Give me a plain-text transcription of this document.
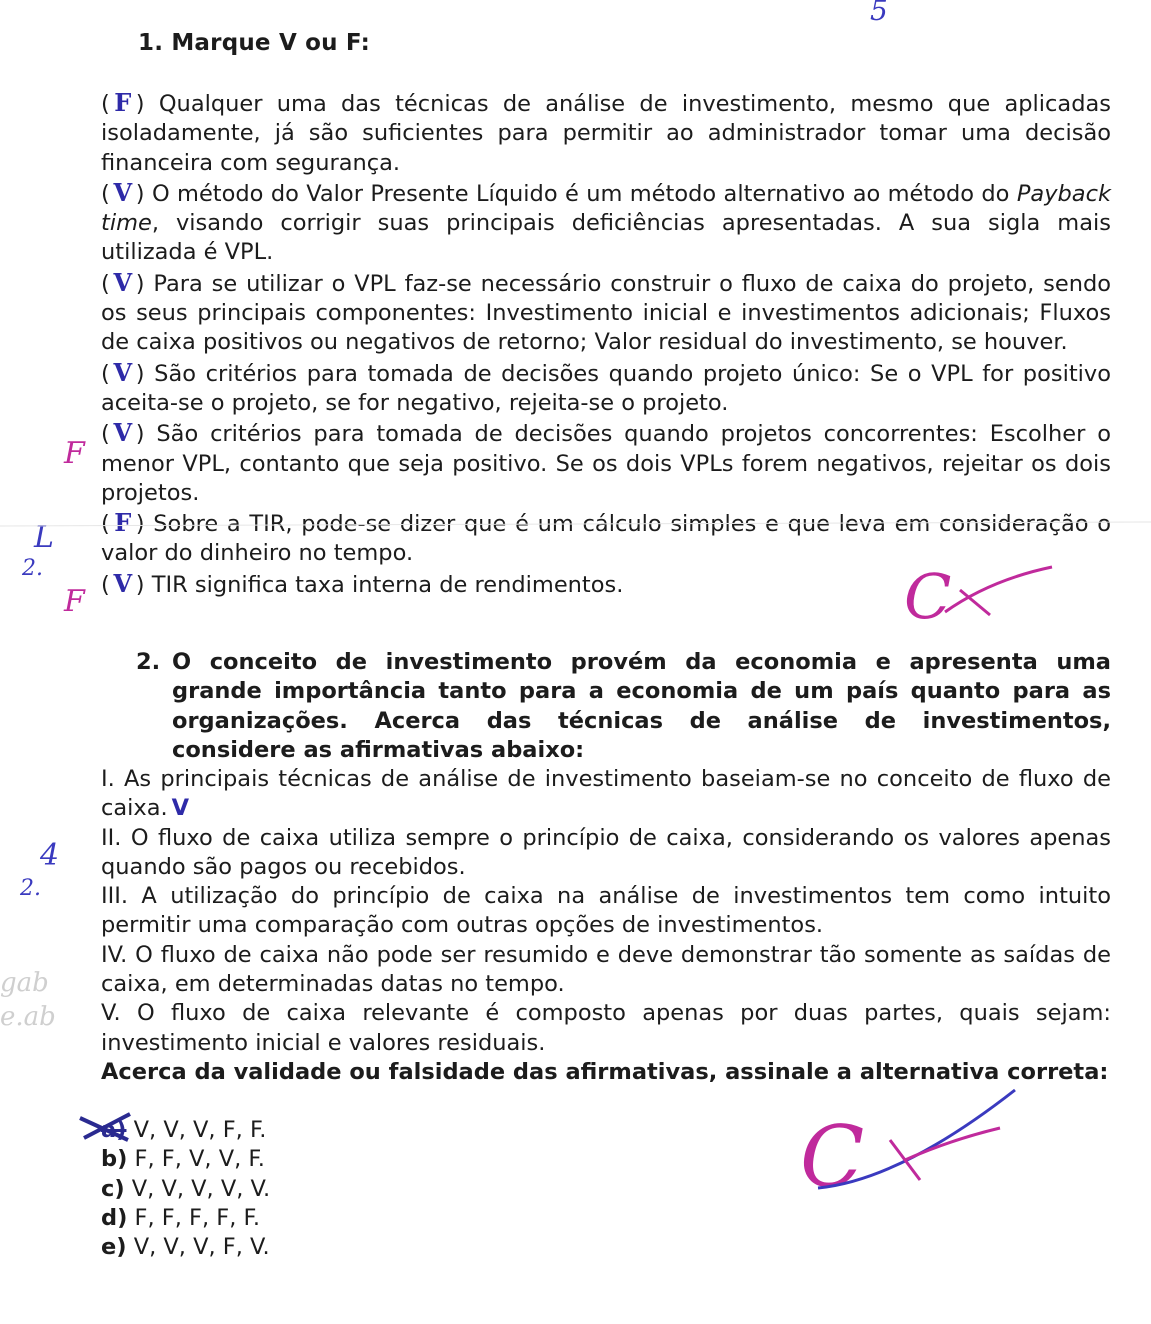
5
1. Marque V ou F:

( F ) Qualquer uma das técnicas de análise de investimento, mesmo que aplicadas isoladamente, já são suficientes para permitir ao administrador tomar uma decisão financeira com segurança.

( V ) O método do Valor Presente Líquido é um método alternativo ao método do Payback time, visando corrigir suas principais deficiências apresentadas. A sua sigla mais utilizada é VPL.

( V ) Para se utilizar o VPL faz-se necessário construir o fluxo de caixa do projeto, sendo os seus principais componentes: Investimento inicial e investimentos adicionais; Fluxos de caixa positivos ou negativos de retorno; Valor residual do investimento, se houver.

( V ) São critérios para tomada de decisões quando projeto único: Se o VPL for positivo aceita-se o projeto, se for negativo, rejeita-se o projeto.

( V ) São critérios para tomada de decisões quando projetos concorrentes: Escolher o menor VPL, contanto que seja positivo. Se os dois VPLs forem negativos, rejeitar os dois projetos.

( F ) Sobre a TIR, pode-se dizer que é um cálculo simples e que leva em consideração o valor do dinheiro no tempo.

( V ) TIR significa taxa interna de rendimentos.

2. O conceito de investimento provém da economia e apresenta uma grande importância tanto para a economia de um país quanto para as organizações. Acerca das técnicas de análise de investimentos, considere as afirmativas abaixo:

I. As principais técnicas de análise de investimento baseiam-se no conceito de fluxo de caixa. V

II. O fluxo de caixa utiliza sempre o princípio de caixa, considerando os valores apenas quando são pagos ou recebidos.

III. A utilização do princípio de caixa na análise de investimentos tem como intuito permitir uma comparação com outras opções de investimentos.

IV. O fluxo de caixa não pode ser resumido e deve demonstrar tão somente as saídas de caixa, em determinadas datas no tempo.

V. O fluxo de caixa relevante é composto apenas por duas partes, quais sejam: investimento inicial e valores residuais.

Acerca da validade ou falsidade das afirmativas, assinale a alternativa correta:

a) V, V, V, F, F.
b) F, F, V, V, F.
c) V, V, V, V, V.
d) F, F, F, F, F.
e) V, V, V, F, V.
F
F
L
2.
4
2.
C
C
gab
e.ab
